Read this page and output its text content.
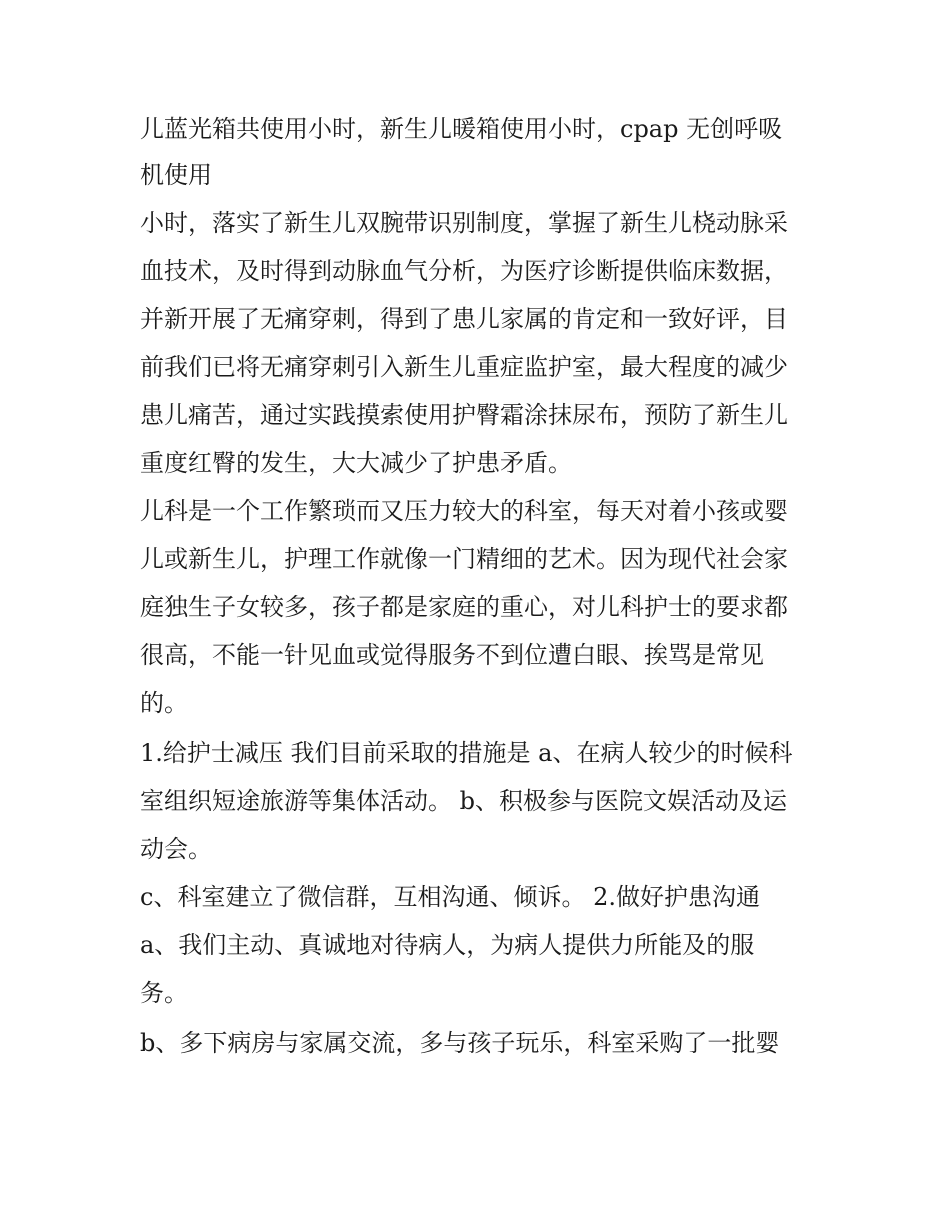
儿蓝光箱共使用小时，新生儿暖箱使用小时，cpap 无创呼吸

机使用

小时，落实了新生儿双腕带识别制度，掌握了新生儿桡动脉采

血技术，及时得到动脉血气分析，为医疗诊断提供临床数据，

并新开展了无痛穿刺，得到了患儿家属的肯定和一致好评，目

前我们已将无痛穿刺引入新生儿重症监护室，最大程度的减少

患儿痛苦，通过实践摸索使用护臀霜涂抹尿布，预防了新生儿

重度红臀的发生，大大减少了护患矛盾。

儿科是一个工作繁琐而又压力较大的科室，每天对着小孩或婴

儿或新生儿，护理工作就像一门精细的艺术。因为现代社会家

庭独生子女较多，孩子都是家庭的重心，对儿科护士的要求都

很高，不能一针见血或觉得服务不到位遭白眼、挨骂是常见

的。

1.给护士减压 我们目前采取的措施是 a、在病人较少的时候科

室组织短途旅游等集体活动。 b、积极参与医院文娱活动及运

动会。

c、科室建立了微信群，互相沟通、倾诉。 2.做好护患沟通

a、我们主动、真诚地对待病人，为病人提供力所能及的服

务。

b、多下病房与家属交流，多与孩子玩乐，科室采购了一批婴
